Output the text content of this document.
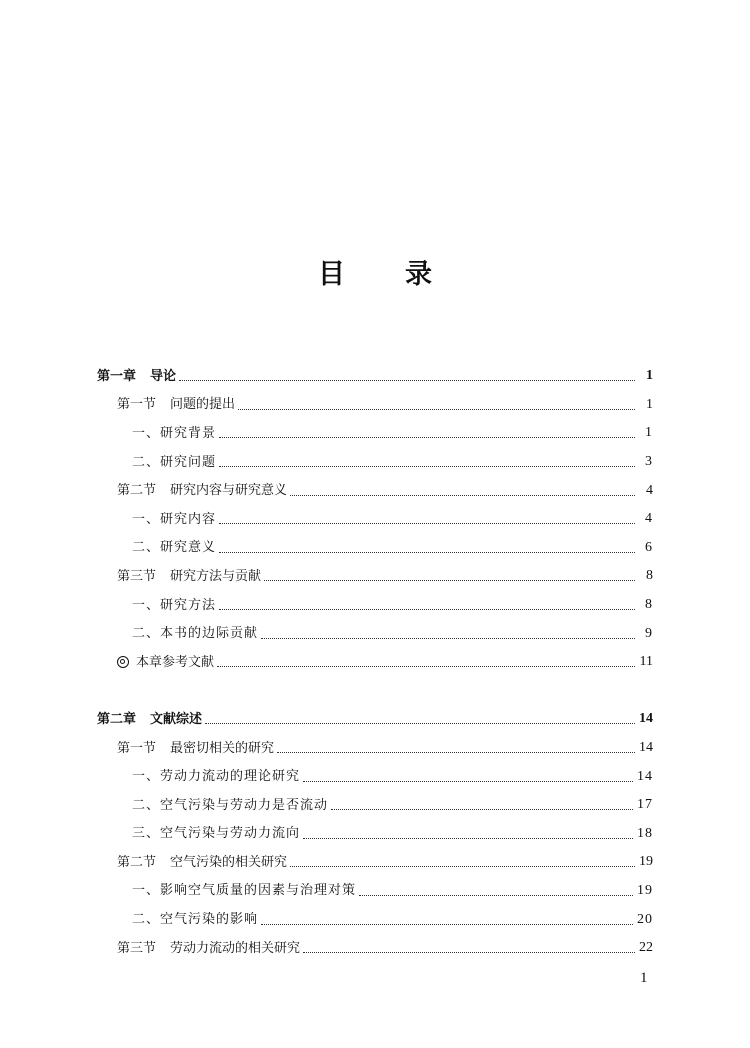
目 录
第一章 导论	1
第一节 问题的提出	1
一、研究背景	1
二、研究问题	3
第二节 研究内容与研究意义	4
一、研究内容	4
二、研究意义	6
第三节 研究方法与贡献	8
一、研究方法	8
二、本书的边际贡献	9
本章参考文献	11
第二章 文献综述	14
第一节 最密切相关的研究	14
一、劳动力流动的理论研究	14
二、空气污染与劳动力是否流动	17
三、空气污染与劳动力流向	18
第二节 空气污染的相关研究	19
一、影响空气质量的因素与治理对策	19
二、空气污染的影响	20
第三节 劳动力流动的相关研究	22
1
